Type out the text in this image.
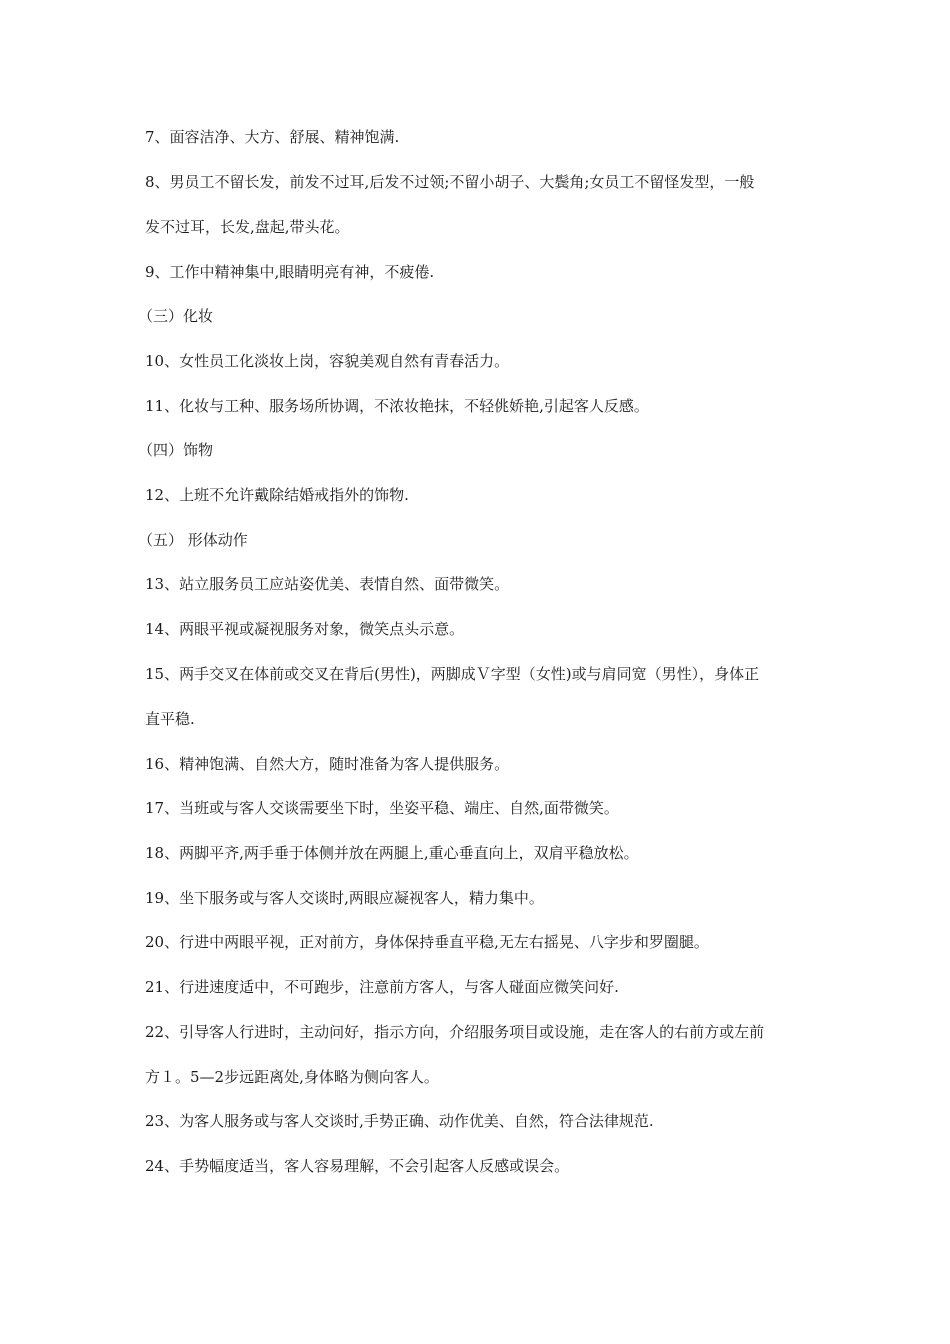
7、面容洁净、大方、舒展、精神饱满.
8、男员工不留长发，前发不过耳,后发不过领;不留小胡子、大鬓角;女员工不留怪发型，一般
发不过耳，长发,盘起,带头花。
9、工作中精神集中,眼睛明亮有神，不疲倦.
（三）化妆
10、女性员工化淡妆上岗，容貌美观自然有青春活力。
11、化妆与工种、服务场所协调，不浓妆艳抹，不轻佻娇艳,引起客人反感。
（四）饰物
12、上班不允许戴除结婚戒指外的饰物.
（五） 形体动作
13、站立服务员工应站姿优美、表情自然、面带微笑。
14、两眼平视或凝视服务对象，微笑点头示意。
15、两手交叉在体前或交叉在背后(男性)，两脚成Ｖ字型（女性)或与肩同宽（男性），身体正
直平稳.
16、精神饱满、自然大方，随时准备为客人提供服务。
17、当班或与客人交谈需要坐下时，坐姿平稳、端庄、自然,面带微笑。
18、两脚平齐,两手垂于体侧并放在两腿上,重心垂直向上，双肩平稳放松。
19、坐下服务或与客人交谈时,两眼应凝视客人，精力集中。
20、行进中两眼平视，正对前方，身体保持垂直平稳,无左右摇晃、八字步和罗圈腿。
21、行进速度适中，不可跑步，注意前方客人，与客人碰面应微笑问好.
22、引导客人行进时，主动问好，指示方向，介绍服务项目或设施，走在客人的右前方或左前
方１。5—2步远距离处,身体略为侧向客人。
23、为客人服务或与客人交谈时,手势正确、动作优美、自然，符合法律规范.
24、手势幅度适当，客人容易理解，不会引起客人反感或误会。
